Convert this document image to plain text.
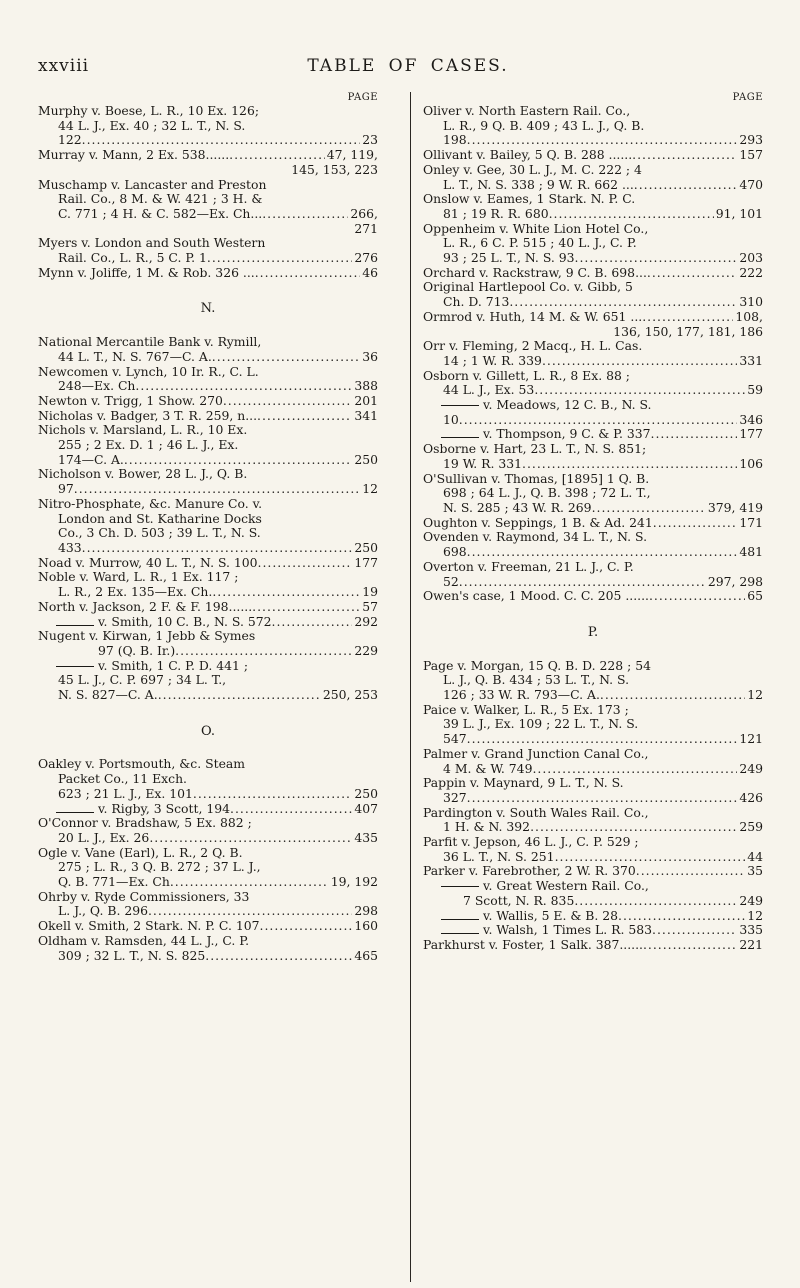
xxviii	TABLE OF CASES.
PAGE
Murphy v. Boese, L. R., 10 Ex. 126;
44 L. J., Ex. 40 ; 32 L. T., N. S.
122 .....	23
Murray v. Mann, 2 Ex. 538...... .....	47, 119,
145, 153, 223
Muschamp v. Lancaster and Preston
Rail. Co., 8 M. & W. 421 ; 3 H. &
C. 771 ; 4 H. & C. 582—Ex. Ch... .....	266,
271
Myers v. London and South Western
Rail. Co., L. R., 5 C. P. 1 .....	276
Mynn v. Joliffe, 1 M. & Rob. 326 ... .....	46
N.
National Mercantile Bank v. Rymill,
44 L. T., N. S. 767—C. A. .....	36
Newcomen v. Lynch, 10 Ir. R., C. L.
248—Ex. Ch .....	388
Newton v. Trigg, 1 Show. 270 .....	201
Nicholas v. Badger, 3 T. R. 259, n... .....	341
Nichols v. Marsland, L. R., 10 Ex.
255 ; 2 Ex. D. 1 ; 46 L. J., Ex.
174—C. A. .....	250
Nicholson v. Bower, 28 L. J., Q. B.
97 .....	12
Nitro-Phosphate, &c. Manure Co. v.
London and St. Katharine Docks
Co., 3 Ch. D. 503 ; 39 L. T., N. S.
433 .....	250
Noad v. Murrow, 40 L. T., N. S. 100 .....	177
Noble v. Ward, L. R., 1 Ex. 117 ;
L. R., 2 Ex. 135—Ex. Ch. .....	19
North v. Jackson, 2 F. & F. 198...... .....	57
v. Smith, 10 C. B., N. S. 572 .....	292
Nugent v. Kirwan, 1 Jebb & Symes
97 (Q. B. Ir.) .....	229
v. Smith, 1 C. P. D. 441 ;
45 L. J., C. P. 697 ; 34 L. T.,
N. S. 827—C. A. .....	250, 253
O.
Oakley v. Portsmouth, &c. Steam
Packet Co., 11 Exch.
623 ; 21 L. J., Ex. 101 .....	250
v. Rigby, 3 Scott, 194 .....	407
O'Connor v. Bradshaw, 5 Ex. 882 ;
20 L. J., Ex. 26 .....	435
Ogle v. Vane (Earl), L. R., 2 Q. B.
275 ; L. R., 3 Q. B. 272 ; 37 L. J.,
Q. B. 771—Ex. Ch .....	19, 192
Ohrby v. Ryde Commissioners, 33
L. J., Q. B. 296 .....	298
Okell v. Smith, 2 Stark. N. P. C. 107 .....	160
Oldham v. Ramsden, 44 L. J., C. P.
309 ; 32 L. T., N. S. 825 .....	465
PAGE
Oliver v. North Eastern Rail. Co.,
L. R., 9 Q. B. 409 ; 43 L. J., Q. B.
198 .....	293
Ollivant v. Bailey, 5 Q. B. 288 ...... .....	157
Onley v. Gee, 30 L. J., M. C. 222 ; 4
L. T., N. S. 338 ; 9 W. R. 662 ... .....	470
Onslow v. Eames, 1 Stark. N. P. C.
81 ; 19 R. R. 680 .....	91, 101
Oppenheim v. White Lion Hotel Co.,
L. R., 6 C. P. 515 ; 40 L. J., C. P.
93 ; 25 L. T., N. S. 93 .....	203
Orchard v. Rackstraw, 9 C. B. 698... .....	222
Original Hartlepool Co. v. Gibb, 5
Ch. D. 713 .....	310
Ormrod v. Huth, 14 M. & W. 651 ... .....	108,
136, 150, 177, 181, 186
Orr v. Fleming, 2 Macq., H. L. Cas.
14 ; 1 W. R. 339 .....	331
Osborn v. Gillett, L. R., 8 Ex. 88 ;
44 L. J., Ex. 53 .....	59
v. Meadows, 12 C. B., N. S.
10 .....	346
v. Thompson, 9 C. & P. 337 .....	177
Osborne v. Hart, 23 L. T., N. S. 851;
19 W. R. 331 .....	106
O'Sullivan v. Thomas, [1895] 1 Q. B.
698 ; 64 L. J., Q. B. 398 ; 72 L. T.,
N. S. 285 ; 43 W. R. 269 .....	379, 419
Oughton v. Seppings, 1 B. & Ad. 241 .....	171
Ovenden v. Raymond, 34 L. T., N. S.
698 .....	481
Overton v. Freeman, 21 L. J., C. P.
52 .....	297, 298
Owen's case, 1 Mood. C. C. 205 ...... .....	65
P.
Page v. Morgan, 15 Q. B. D. 228 ; 54
L. J., Q. B. 434 ; 53 L. T., N. S.
126 ; 33 W. R. 793—C. A. .....	12
Paice v. Walker, L. R., 5 Ex. 173 ;
39 L. J., Ex. 109 ; 22 L. T., N. S.
547 .....	121
Palmer v. Grand Junction Canal Co.,
4 M. & W. 749 .....	249
Pappin v. Maynard, 9 L. T., N. S.
327 .....	426
Pardington v. South Wales Rail. Co.,
1 H. & N. 392 .....	259
Parfit v. Jepson, 46 L. J., C. P. 529 ;
36 L. T., N. S. 251 .....	44
Parker v. Farebrother, 2 W. R. 370 .....	35
v. Great Western Rail. Co.,
7 Scott, N. R. 835 .....	249
v. Wallis, 5 E. & B. 28 .....	12
v. Walsh, 1 Times L. R. 583 .....	335
Parkhurst v. Foster, 1 Salk. 387...... .....	221
